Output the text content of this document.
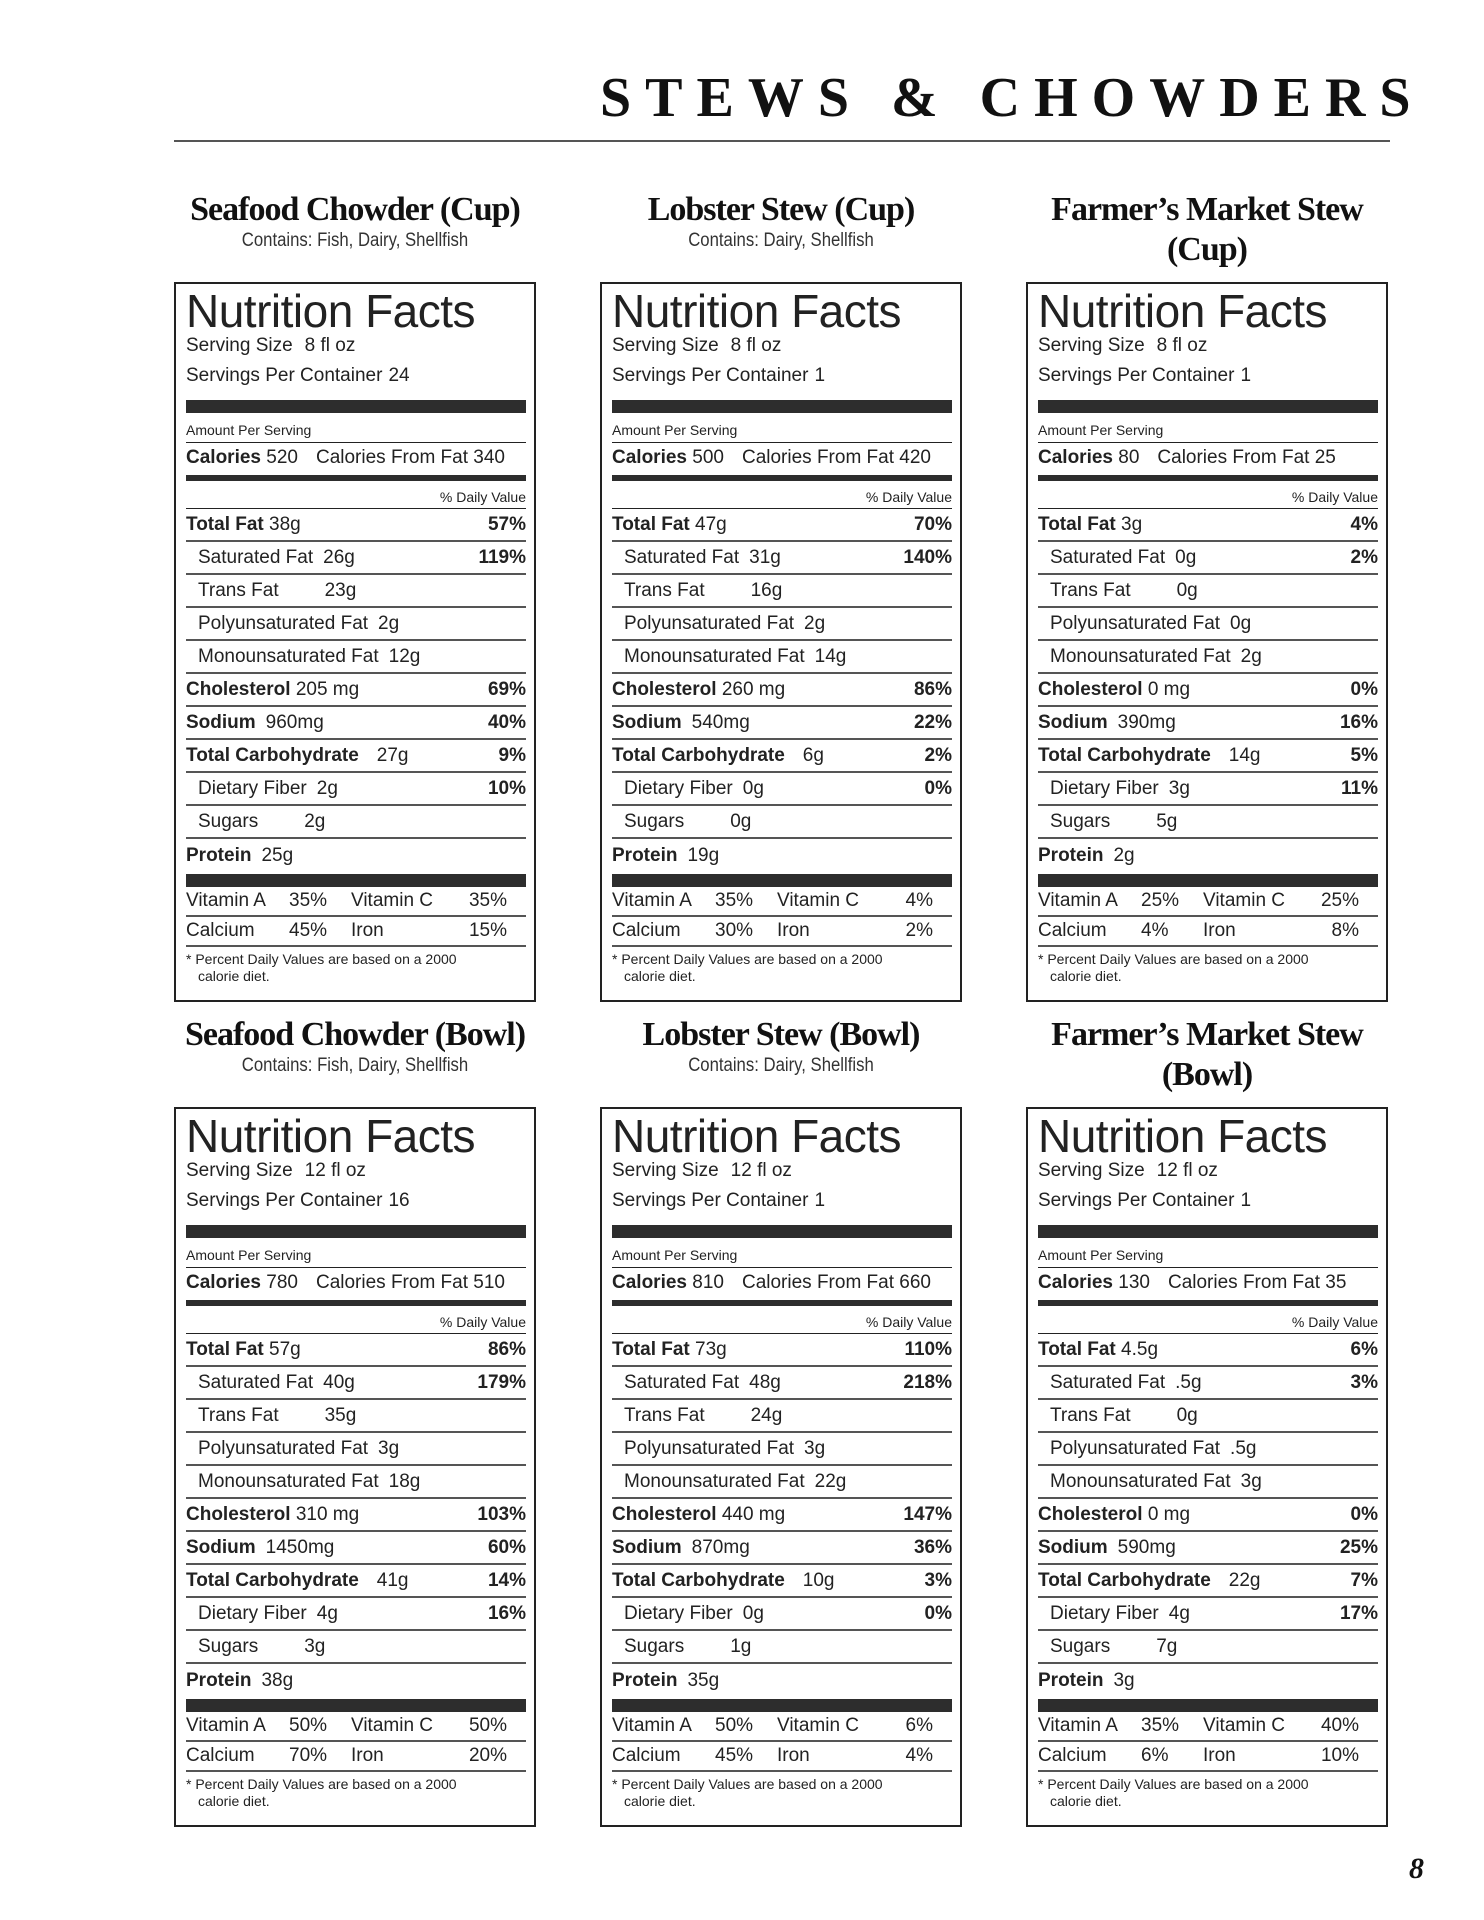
STEWS & CHOWDERS
Seafood Chowder (Cup)
Contains: Fish, Dairy, Shellfish
Nutrition Facts
Serving Size 8 fl oz
Servings Per Container 24
Amount Per Serving
Calories 520 Calories From Fat 340
% Daily Value
Total Fat 38g	57%
Saturated Fat 26g	119%
Trans Fat 23g
Polyunsaturated Fat 2g
Monounsaturated Fat 12g
Cholesterol 205 mg	69%
Sodium 960mg	40%
Total Carbohydrate 27g	9%
Dietary Fiber 2g	10%
Sugars 2g
Protein 25g
Vitamin A	35%	Vitamin C	35%
Calcium	45%	Iron	15%
* Percent Daily Values are based on a 2000
calorie diet.
Lobster Stew (Cup)
Contains: Dairy, Shellfish
Nutrition Facts
Serving Size 8 fl oz
Servings Per Container 1
Amount Per Serving
Calories 500 Calories From Fat 420
% Daily Value
Total Fat 47g	70%
Saturated Fat 31g	140%
Trans Fat 16g
Polyunsaturated Fat 2g
Monounsaturated Fat 14g
Cholesterol 260 mg	86%
Sodium 540mg	22%
Total Carbohydrate 6g	2%
Dietary Fiber 0g	0%
Sugars 0g
Protein 19g
Vitamin A	35%	Vitamin C	4%
Calcium	30%	Iron	2%
* Percent Daily Values are based on a 2000
calorie diet.
Farmer’s Market Stew (Cup)
Nutrition Facts
Serving Size 8 fl oz
Servings Per Container 1
Amount Per Serving
Calories 80 Calories From Fat 25
% Daily Value
Total Fat 3g	4%
Saturated Fat 0g	2%
Trans Fat 0g
Polyunsaturated Fat 0g
Monounsaturated Fat 2g
Cholesterol 0 mg	0%
Sodium 390mg	16%
Total Carbohydrate 14g	5%
Dietary Fiber 3g	11%
Sugars 5g
Protein 2g
Vitamin A	25%	Vitamin C	25%
Calcium	4%	Iron	8%
* Percent Daily Values are based on a 2000
calorie diet.
Seafood Chowder (Bowl)
Contains: Fish, Dairy, Shellfish
Nutrition Facts
Serving Size 12 fl oz
Servings Per Container 16
Amount Per Serving
Calories 780 Calories From Fat 510
% Daily Value
Total Fat 57g	86%
Saturated Fat 40g	179%
Trans Fat 35g
Polyunsaturated Fat 3g
Monounsaturated Fat 18g
Cholesterol 310 mg	103%
Sodium 1450mg	60%
Total Carbohydrate 41g	14%
Dietary Fiber 4g	16%
Sugars 3g
Protein 38g
Vitamin A	50%	Vitamin C	50%
Calcium	70%	Iron	20%
* Percent Daily Values are based on a 2000
calorie diet.
Lobster Stew (Bowl)
Contains: Dairy, Shellfish
Nutrition Facts
Serving Size 12 fl oz
Servings Per Container 1
Amount Per Serving
Calories 810 Calories From Fat 660
% Daily Value
Total Fat 73g	110%
Saturated Fat 48g	218%
Trans Fat 24g
Polyunsaturated Fat 3g
Monounsaturated Fat 22g
Cholesterol 440 mg	147%
Sodium 870mg	36%
Total Carbohydrate 10g	3%
Dietary Fiber 0g	0%
Sugars 1g
Protein 35g
Vitamin A	50%	Vitamin C	6%
Calcium	45%	Iron	4%
* Percent Daily Values are based on a 2000
calorie diet.
Farmer’s Market Stew (Bowl)
Nutrition Facts
Serving Size 12 fl oz
Servings Per Container 1
Amount Per Serving
Calories 130 Calories From Fat 35
% Daily Value
Total Fat 4.5g	6%
Saturated Fat .5g	3%
Trans Fat 0g
Polyunsaturated Fat .5g
Monounsaturated Fat 3g
Cholesterol 0 mg	0%
Sodium 590mg	25%
Total Carbohydrate 22g	7%
Dietary Fiber 4g	17%
Sugars 7g
Protein 3g
Vitamin A	35%	Vitamin C	40%
Calcium	6%	Iron	10%
* Percent Daily Values are based on a 2000
calorie diet.
8
